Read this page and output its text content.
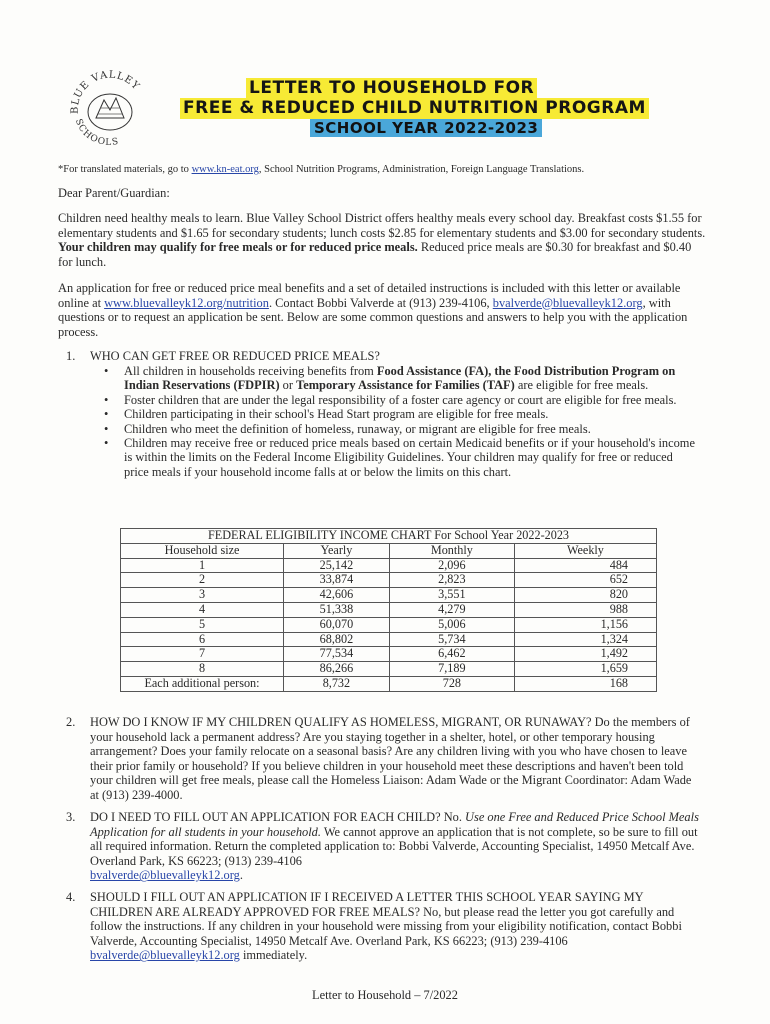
BLUE VALLEY
SCHOOLS
LETTER TO HOUSEHOLD FOR
FREE & REDUCED CHILD NUTRITION PROGRAM
SCHOOL YEAR 2022-2023
*For translated materials, go to www.kn-eat.org, School Nutrition Programs, Administration, Foreign Language Translations.
Dear Parent/Guardian:
Children need healthy meals to learn. Blue Valley School District offers healthy meals every school day. Breakfast costs $1.55 for elementary students and $1.65 for secondary students; lunch costs $2.85 for elementary students and $3.00 for secondary students. Your children may qualify for free meals or for reduced price meals. Reduced price meals are $0.30 for breakfast and $0.40 for lunch.
An application for free or reduced price meal benefits and a set of detailed instructions is included with this letter or available online at www.bluevalleyk12.org/nutrition. Contact Bobbi Valverde at (913) 239-4106, bvalverde@bluevalleyk12.org, with questions or to request an application be sent. Below are some common questions and answers to help you with the application process.
1. WHO CAN GET FREE OR REDUCED PRICE MEALS?
• All children in households receiving benefits from Food Assistance (FA), the Food Distribution Program on Indian Reservations (FDPIR) or Temporary Assistance for Families (TAF) are eligible for free meals.
• Foster children that are under the legal responsibility of a foster care agency or court are eligible for free meals.
• Children participating in their school's Head Start program are eligible for free meals.
• Children who meet the definition of homeless, runaway, or migrant are eligible for free meals.
• Children may receive free or reduced price meals based on certain Medicaid benefits or if your household's income is within the limits on the Federal Income Eligibility Guidelines. Your children may qualify for free or reduced price meals if your household income falls at or below the limits on this chart.
FEDERAL ELIGIBILITY INCOME CHART For School Year 2022-2023			
Household size	Yearly	Monthly	Weekly
1	25,142	2,096	484
2	33,874	2,823	652
3	42,606	3,551	820
4	51,338	4,279	988
5	60,070	5,006	1,156
6	68,802	5,734	1,324
7	77,534	6,462	1,492
8	86,266	7,189	1,659
Each additional person:	8,732	728	168
2. HOW DO I KNOW IF MY CHILDREN QUALIFY AS HOMELESS, MIGRANT, OR RUNAWAY? Do the members of your household lack a permanent address? Are you staying together in a shelter, hotel, or other temporary housing arrangement? Does your family relocate on a seasonal basis? Are any children living with you who have chosen to leave their prior family or household? If you believe children in your household meet these descriptions and haven't been told your children will get free meals, please call the Homeless Liaison: Adam Wade or the Migrant Coordinator: Adam Wade at (913) 239-4000.
3. DO I NEED TO FILL OUT AN APPLICATION FOR EACH CHILD? No. Use one Free and Reduced Price School Meals Application for all students in your household. We cannot approve an application that is not complete, so be sure to fill out all required information. Return the completed application to: Bobbi Valverde, Accounting Specialist, 14950 Metcalf Ave. Overland Park, KS 66223; (913) 239-4106
bvalverde@bluevalleyk12.org.
4. SHOULD I FILL OUT AN APPLICATION IF I RECEIVED A LETTER THIS SCHOOL YEAR SAYING MY CHILDREN ARE ALREADY APPROVED FOR FREE MEALS? No, but please read the letter you got carefully and follow the instructions. If any children in your household were missing from your eligibility notification, contact Bobbi Valverde, Accounting Specialist, 14950 Metcalf Ave. Overland Park, KS 66223; (913) 239-4106 bvalverde@bluevalleyk12.org immediately.
Letter to Household – 7/2022
